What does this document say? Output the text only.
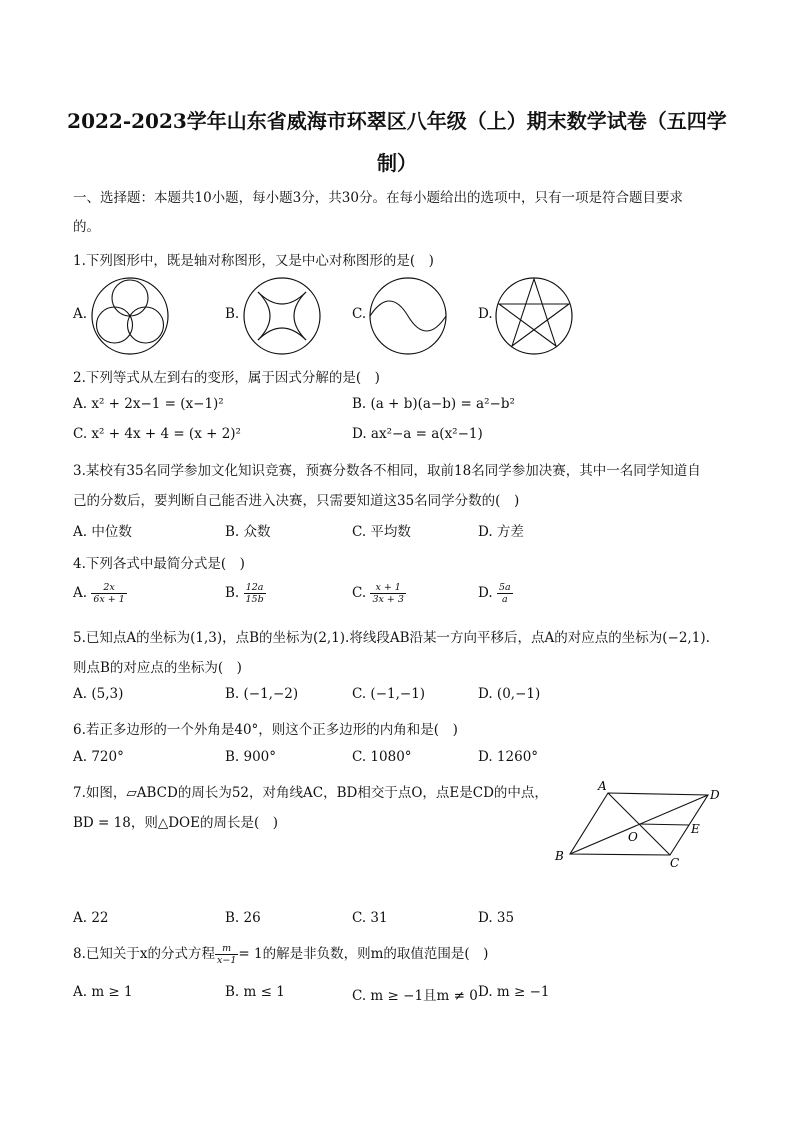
2022-2023学年山东省威海市环翠区八年级（上）期末数学试卷（五四学制）
一、选择题：本题共10小题，每小题3分，共30分。在每小题给出的选项中，只有一项是符合题目要求
的。
1.下列图形中，既是轴对称图形，又是中心对称图形的是(　)
A.	B.	C.	D.
2.下列等式从左到右的变形，属于因式分解的是(　)
A. x² + 2x−1 = (x−1)²	B. (a + b)(a−b) = a²−b²
C. x² + 4x + 4 = (x + 2)²	D. ax²−a = a(x²−1)
3.某校有35名同学参加文化知识竞赛，预赛分数各不相同，取前18名同学参加决赛，其中一名同学知道自
己的分数后，要判断自己能否进入决赛，只需要知道这35名同学分数的(　)
A. 中位数	B. 众数	C. 平均数	D. 方差
4.下列各式中最简分式是(　)
A. $\frac{2x}{6x + 1}$	B. $\frac{12a}{15b}$	C. $\frac{x + 1}{3x + 3}$	D. $\frac{5a}{a}$
5.已知点A的坐标为(1,3)，点B的坐标为(2,1).将线段AB沿某一方向平移后，点A的对应点的坐标为(−2,1).
则点B的对应点的坐标为(　)
A. (5,3)	B. (−1,−2)	C. (−1,−1)	D. (0,−1)
6.若正多边形的一个外角是40°，则这个正多边形的内角和是(　)
A. 720°	B. 900°	C. 1080°	D. 1260°
7.如图，▱ABCD的周长为52，对角线AC，BD相交于点O，点E是CD的中点，
BD = 18，则△DOE的周长是(　)
A
D
E
O
B	C
A. 22	B. 26	C. 31	D. 35
8.已知关于x的分式方程 $\frac{m}{x-1} = 1$的解是非负数，则m的取值范围是(　)
A. m ≥ 1	B. m ≤ 1	C. m ≥ −1且m ≠ 0 D. m ≥ −1
